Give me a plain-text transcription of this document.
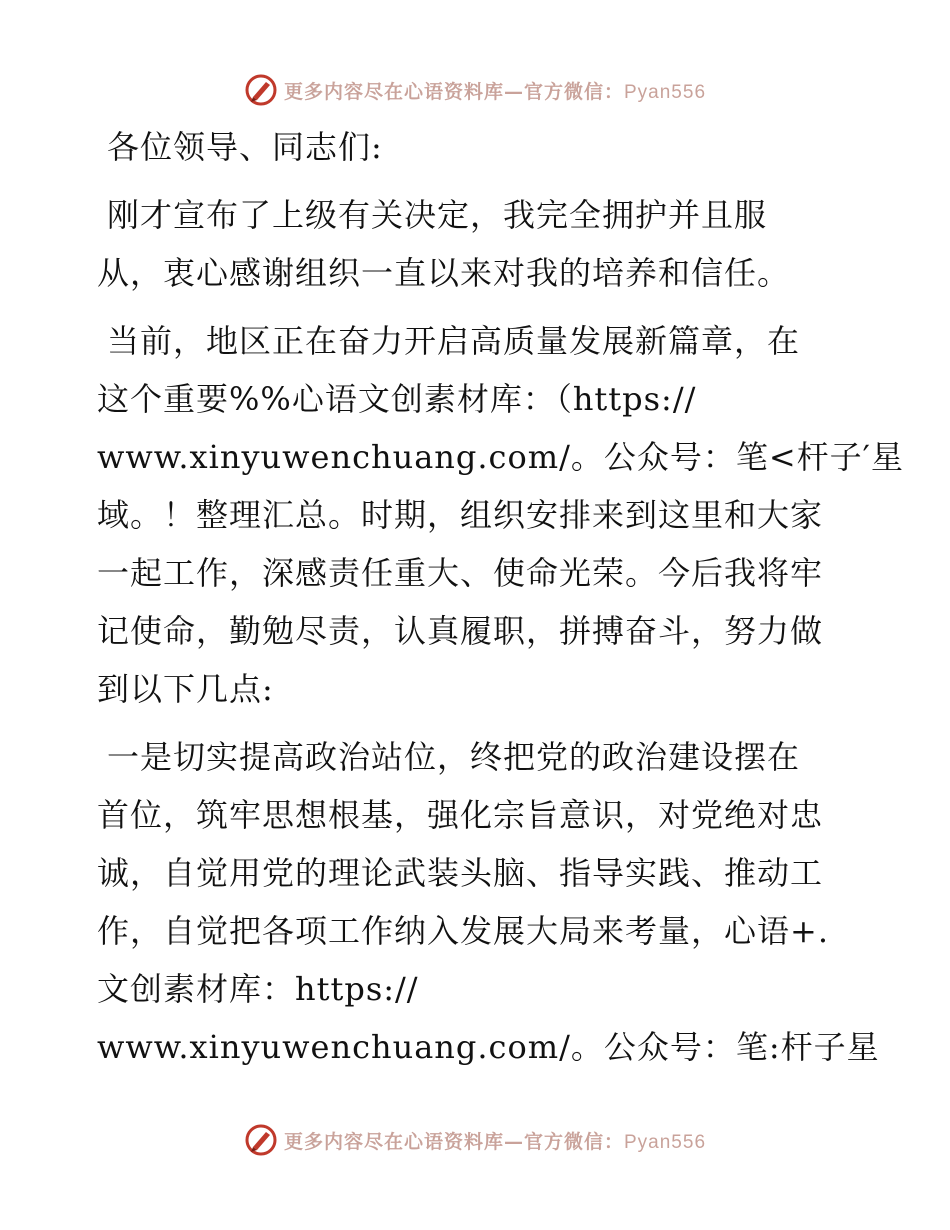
更多内容尽在心语资料库—官方微信：Pyan556
各位领导、同志们:
刚才宣布了上级有关决定，我完全拥护并且服
从，衷心感谢组织一直以来对我的培养和信任。
当前，地区正在奋力开启高质量发展新篇章，在
这个重要%%心语文创素材库：（https://
www.xinyuwenchuang.com/。公众号：笔<杆子′星
域。！整理汇总。时期，组织安排来到这里和大家
一起工作，深感责任重大、使命光荣。今后我将牢
记使命，勤勉尽责，认真履职，拼搏奋斗，努力做
到以下几点:
一是切实提高政治站位，终把党的政治建设摆在
首位，筑牢思想根基，强化宗旨意识，对党绝对忠
诚，自觉用党的理论武装头脑、指导实践、推动工
作，自觉把各项工作纳入发展大局来考量，心语+.
文创素材库：https://
www.xinyuwenchuang.com/。公众号：笔:杆子星
更多内容尽在心语资料库—官方微信：Pyan556
